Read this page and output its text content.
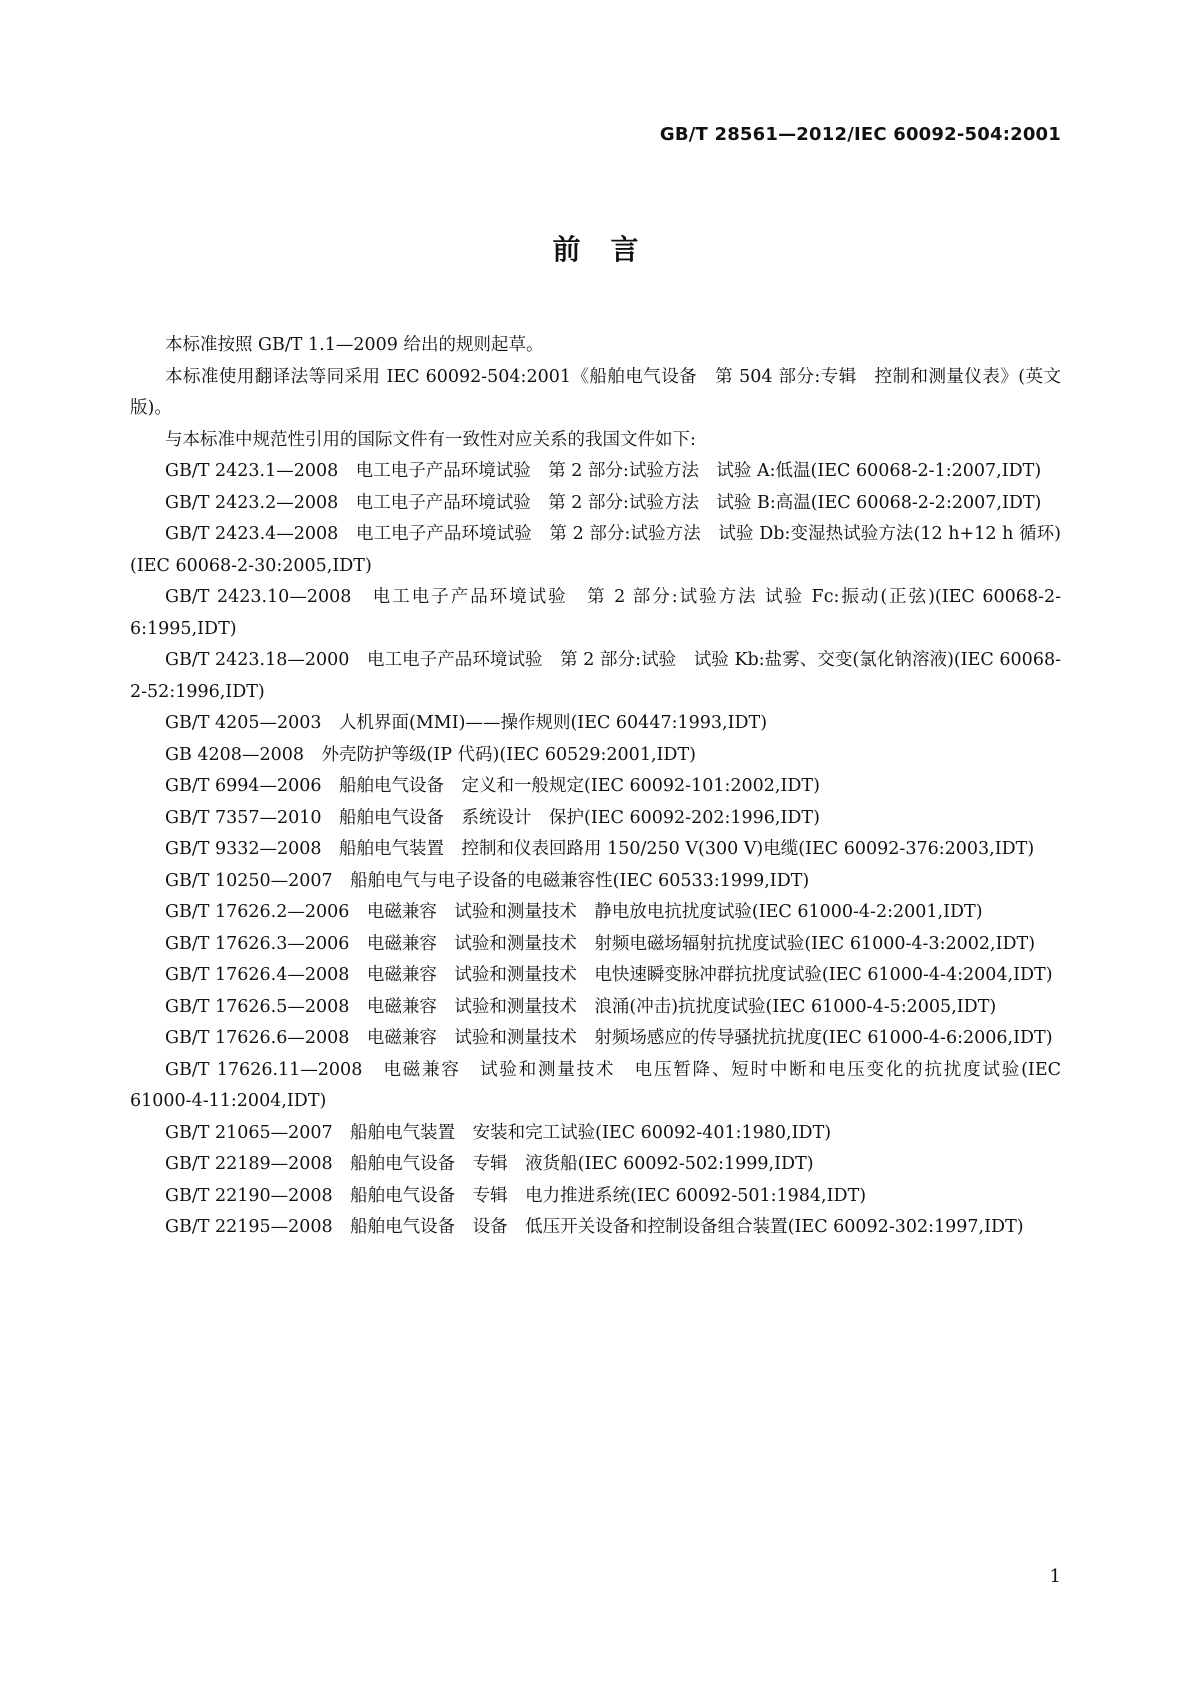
GB/T 28561—2012/IEC 60092-504:2001
前言

本标准按照 GB/T 1.1—2009 给出的规则起草。

本标准使用翻译法等同采用 IEC 60092-504:2001《船舶电气设备　第 504 部分:专辑　控制和测量仪表》(英文版)。

与本标准中规范性引用的国际文件有一致性对应关系的我国文件如下:

GB/T 2423.1—2008　电工电子产品环境试验　第 2 部分:试验方法　试验 A:低温(IEC 60068-2-1:2007,IDT)

GB/T 2423.2—2008　电工电子产品环境试验　第 2 部分:试验方法　试验 B:高温(IEC 60068-2-2:2007,IDT)

GB/T 2423.4—2008　电工电子产品环境试验　第 2 部分:试验方法　试验 Db:变湿热试验方法(12 h+12 h 循环)(IEC 60068-2-30:2005,IDT)

GB/T 2423.10—2008　电工电子产品环境试验　第 2 部分:试验方法 试验 Fc:振动(正弦)(IEC 60068-2-6:1995,IDT)

GB/T 2423.18—2000　电工电子产品环境试验　第 2 部分:试验　试验 Kb:盐雾、交变(氯化钠溶液)(IEC 60068-2-52:1996,IDT)

GB/T 4205—2003　人机界面(MMI)——操作规则(IEC 60447:1993,IDT)

GB 4208—2008　外壳防护等级(IP 代码)(IEC 60529:2001,IDT)

GB/T 6994—2006　船舶电气设备　定义和一般规定(IEC 60092-101:2002,IDT)

GB/T 7357—2010　船舶电气设备　系统设计　保护(IEC 60092-202:1996,IDT)

GB/T 9332—2008　船舶电气装置　控制和仪表回路用 150/250 V(300 V)电缆(IEC 60092-376:2003,IDT)

GB/T 10250—2007　船舶电气与电子设备的电磁兼容性(IEC 60533:1999,IDT)

GB/T 17626.2—2006　电磁兼容　试验和测量技术　静电放电抗扰度试验(IEC 61000-4-2:2001,IDT)

GB/T 17626.3—2006　电磁兼容　试验和测量技术　射频电磁场辐射抗扰度试验(IEC 61000-4-3:2002,IDT)

GB/T 17626.4—2008　电磁兼容　试验和测量技术　电快速瞬变脉冲群抗扰度试验(IEC 61000-4-4:2004,IDT)

GB/T 17626.5—2008　电磁兼容　试验和测量技术　浪涌(冲击)抗扰度试验(IEC 61000-4-5:2005,IDT)

GB/T 17626.6—2008　电磁兼容　试验和测量技术　射频场感应的传导骚扰抗扰度(IEC 61000-4-6:2006,IDT)

GB/T 17626.11—2008　电磁兼容　试验和测量技术　电压暂降、短时中断和电压变化的抗扰度试验(IEC 61000-4-11:2004,IDT)

GB/T 21065—2007　船舶电气装置　安装和完工试验(IEC 60092-401:1980,IDT)

GB/T 22189—2008　船舶电气设备　专辑　液货船(IEC 60092-502:1999,IDT)

GB/T 22190—2008　船舶电气设备　专辑　电力推进系统(IEC 60092-501:1984,IDT)

GB/T 22195—2008　船舶电气设备　设备　低压开关设备和控制设备组合装置(IEC 60092-302:1997,IDT)

1
